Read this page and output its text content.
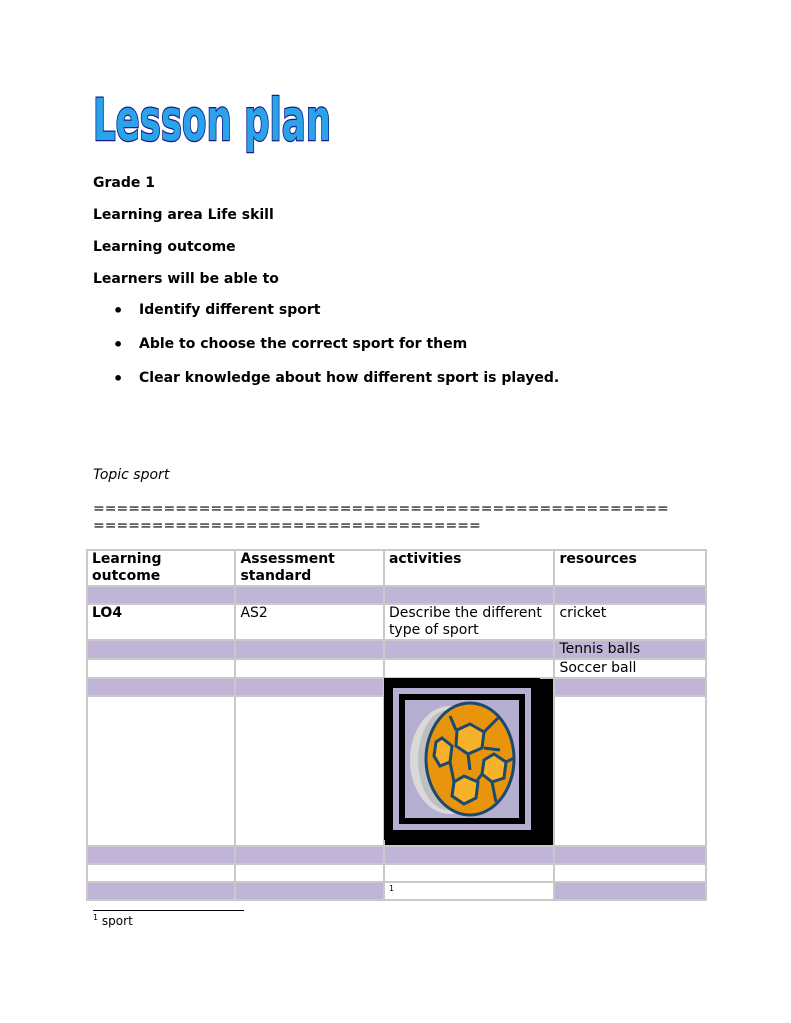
Lesson plan

Grade 1

Learning area Life skill

Learning outcome

Learners will be able to

• Identify different sport
• Able to choose the correct sport for them
• Clear knowledge about how different sport is played.

Topic sport

=================================================

=================================

Learning outcome	Assessment standard	activities	resources

LO4	AS2	Describe the different type of sport	cricket
			Tennis balls
			Soccer ball

		1	

$^1$ sport
